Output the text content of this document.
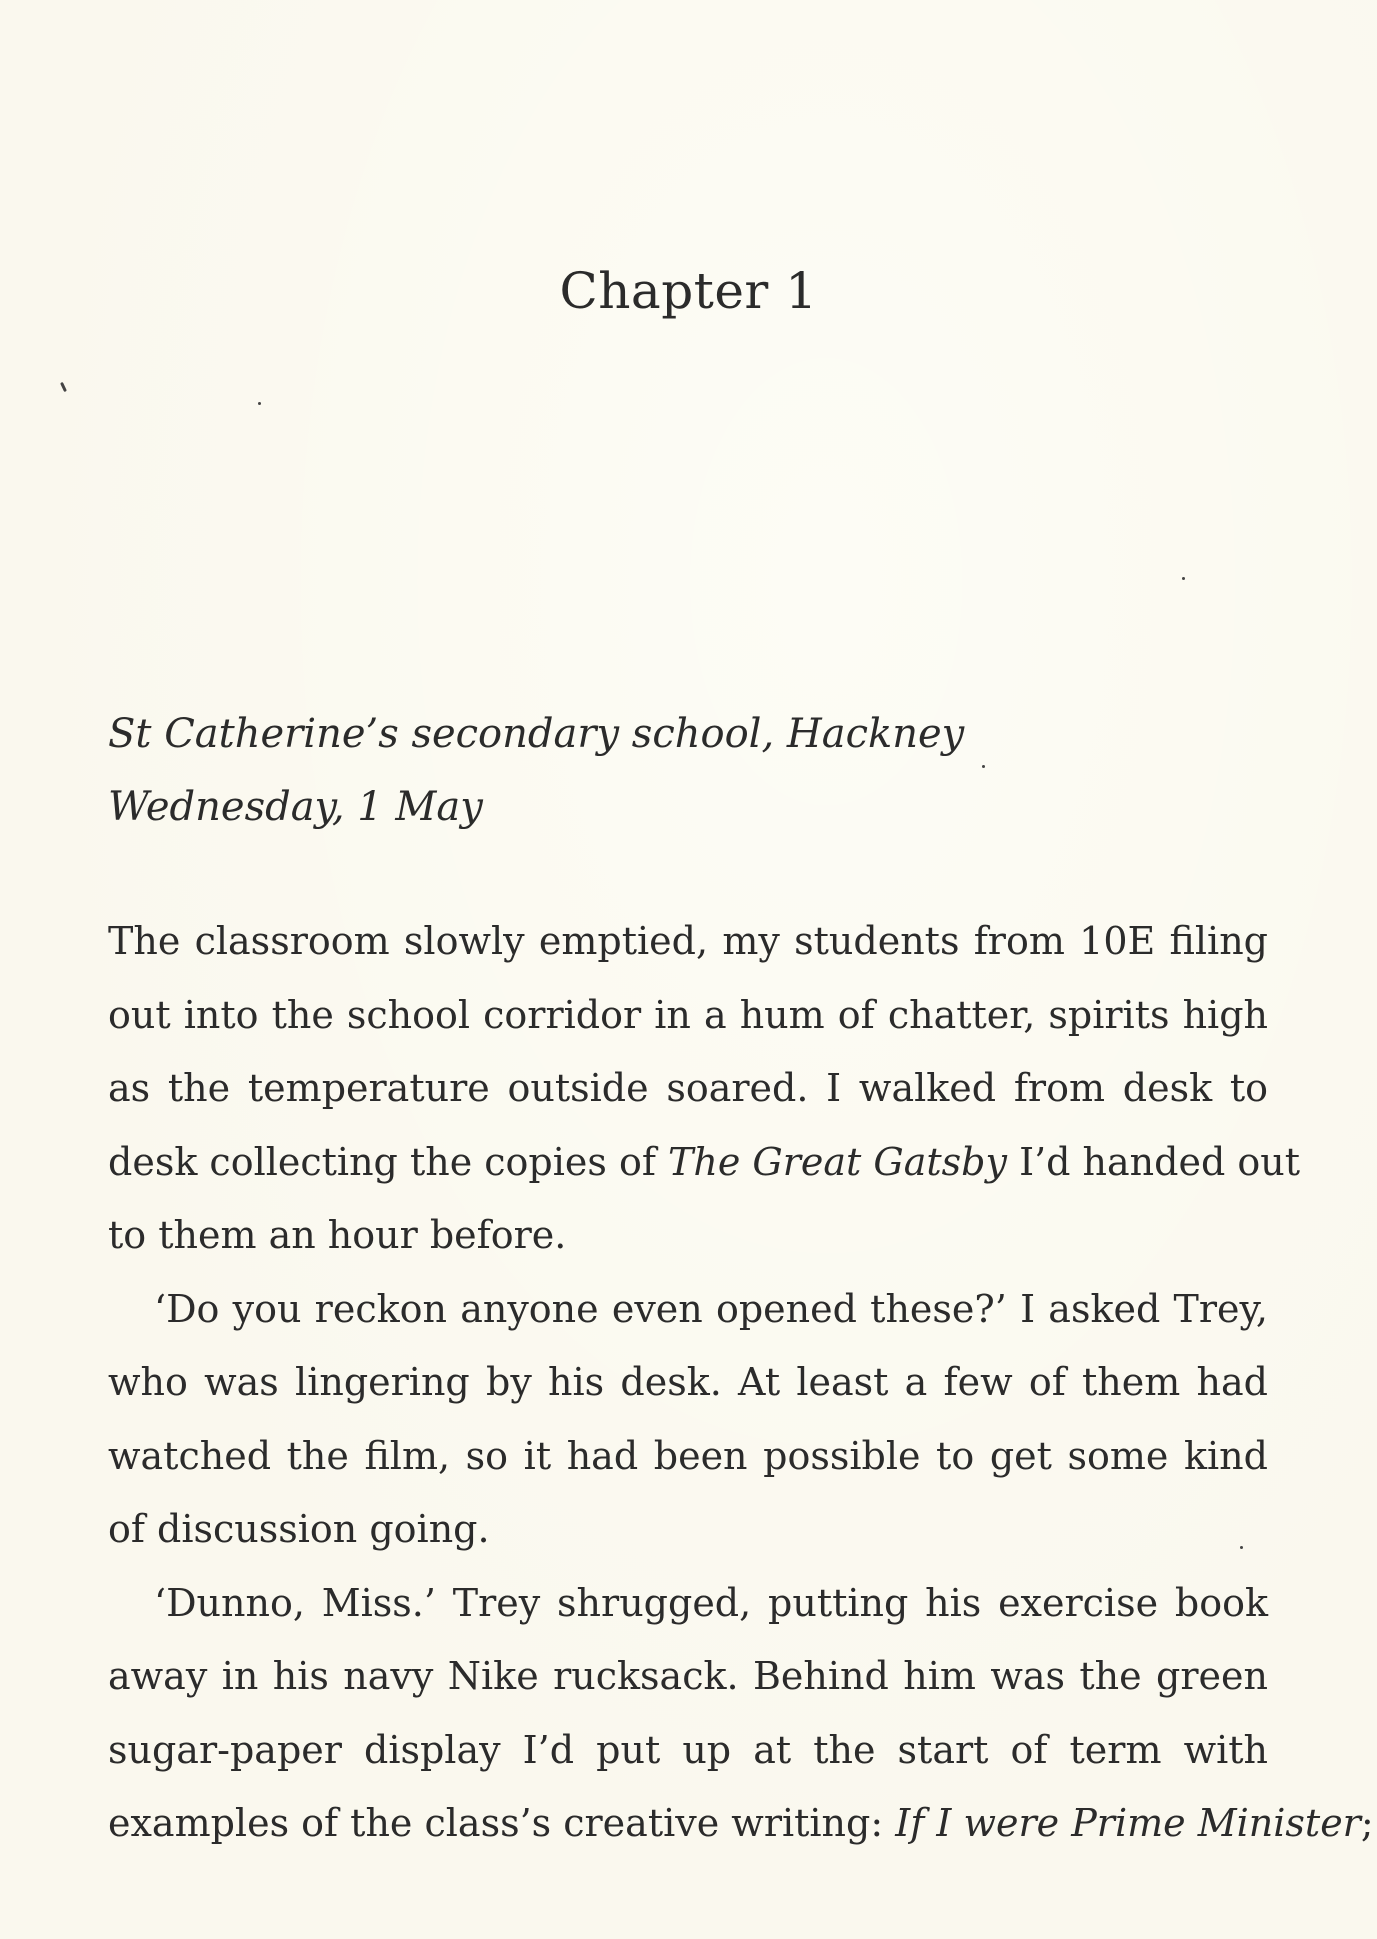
Chapter 1
St Catherine’s secondary school, Hackney
Wednesday, 1 May
The classroom slowly emptied, my students from 10E filing
out into the school corridor in a hum of chatter, spirits high
as the temperature outside soared. I walked from desk to
desk collecting the copies of The Great Gatsby I’d handed out
to them an hour before.
‘Do you reckon anyone even opened these?’ I asked Trey,
who was lingering by his desk. At least a few of them had
watched the film, so it had been possible to get some kind
of discussion going.
‘Dunno, Miss.’ Trey shrugged, putting his exercise book
away in his navy Nike rucksack. Behind him was the green
sugar-paper display I’d put up at the start of term with
examples of the class’s creative writing: If I were Prime Minister;
